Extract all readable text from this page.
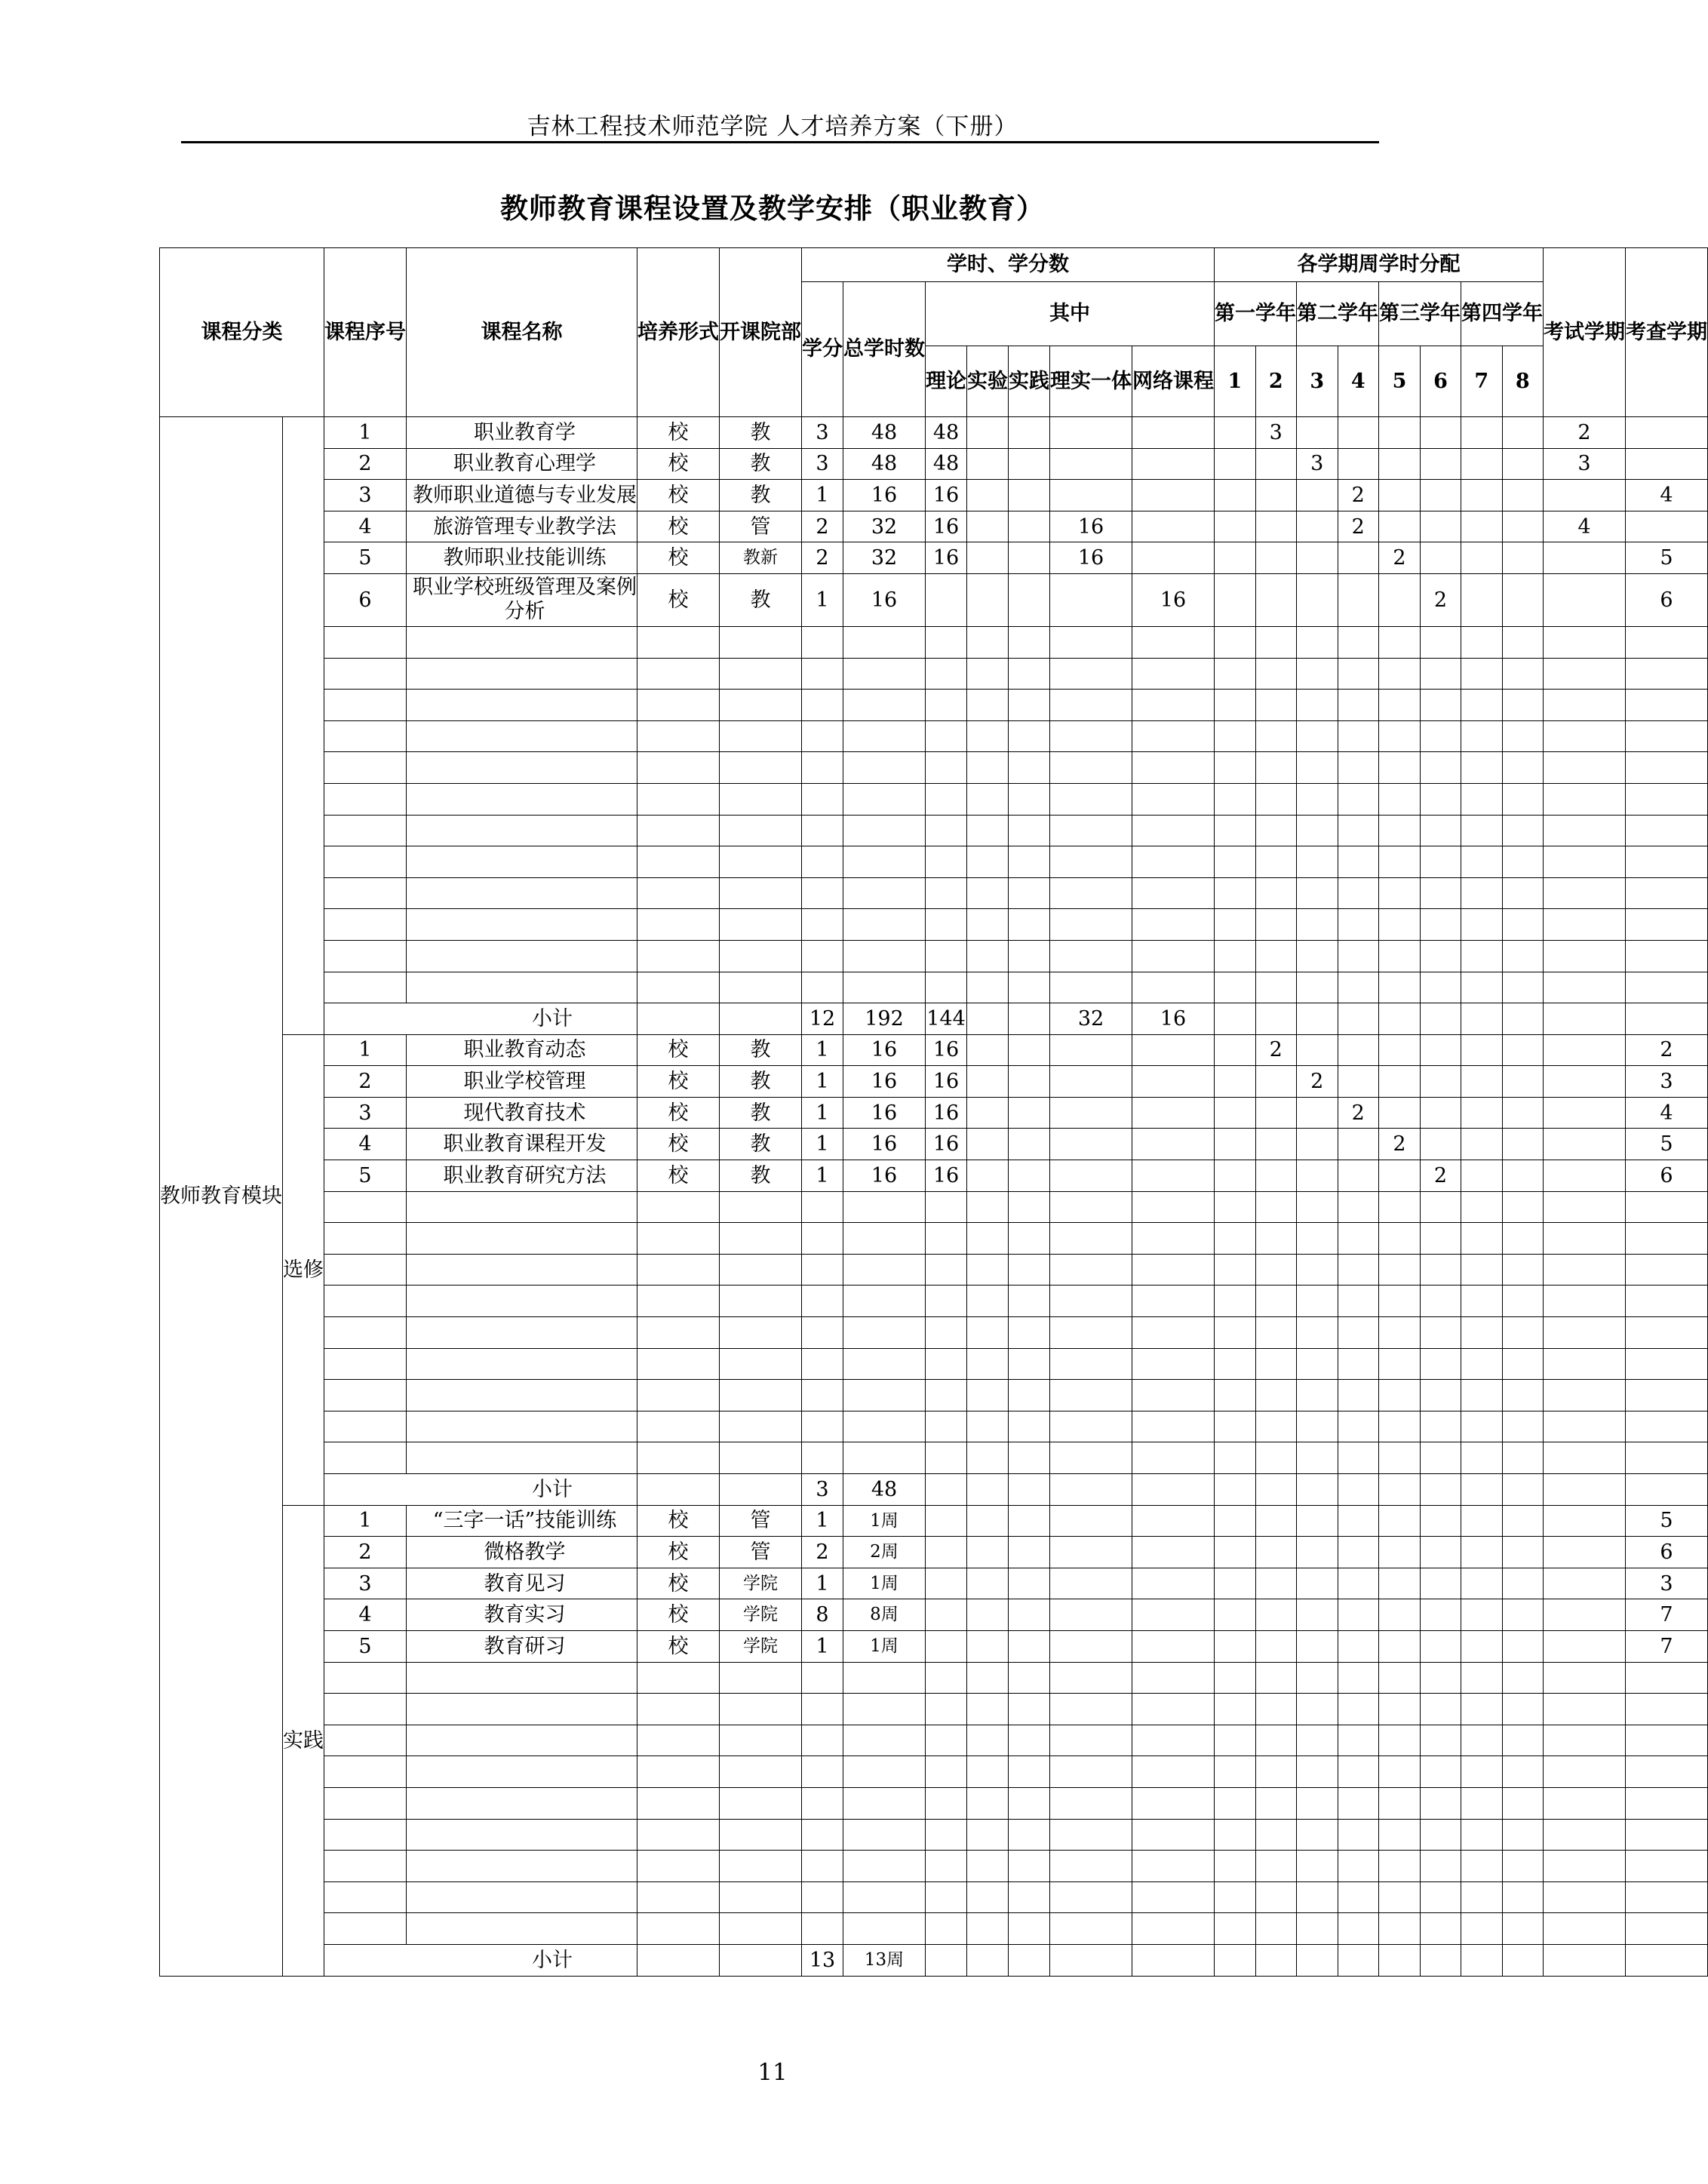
吉林工程技术师范学院 人才培养方案（下册）
教师教育课程设置及教学安排（职业教育）
课程分类		课程序号	课程名称	培养形式	开课院部	学时、学分数							各学期周学时分配								考试学期	考查学期
						学分	总学时数	其中					第一学年		第二学年		第三学年		第四学年			
								理论	实验	实践	理实一体	网络课程	1	2	3	4	5	6	7	8		
教师教育模块		1	职业教育学	校	教	3	48	48						3							2	
		2	职业教育心理学	校	教	3	48	48							3						3	
		3	教师职业道德与专业发展	校	教	1	16	16								2						4
		4	旅游管理专业教学法	校	管	2	32	16			16					2					4	
		5	教师职业技能训练	校	教新	2	32	16			16						2					5
		6	职业学校班级管理及案例分析	校	教	1	16					16						2				6

		小计				12	192	144			32	16										
	选修	1	职业教育动态	校	教	1	16	16						2								2
		2	职业学校管理	校	教	1	16	16							2							3
		3	现代教育技术	校	教	1	16	16								2						4
		4	职业教育课程开发	校	教	1	16	16									2					5
		5	职业教育研究方法	校	教	1	16	16										2				6

		小计				3	48															
	实践	1	“三字一话”技能训练	校	管	1	1周															5
		2	微格教学	校	管	2	2周															6
		3	教育见习	校	学院	1	1周															3
		4	教育实习	校	学院	8	8周															7
		5	教育研习	校	学院	1	1周															7

		小计				13	13周															
11
